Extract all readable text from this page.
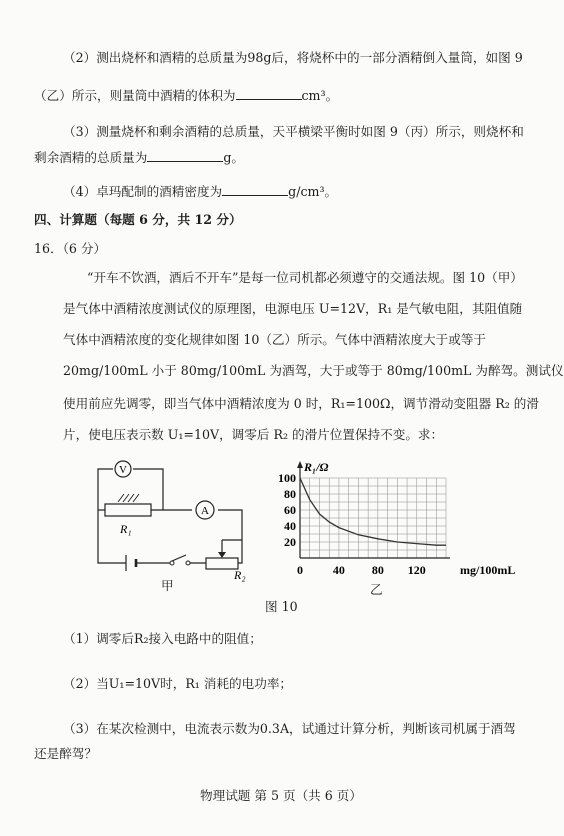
（2）测出烧杯和酒精的总质量为98g后，将烧杯中的一部分酒精倒入量筒，如图 9
（乙）所示，则量筒中酒精的体积为	cm³。
（3）测量烧杯和剩余酒精的总质量，天平横梁平衡时如图 9（丙）所示，则烧杯和
剩余酒精的总质量为	g。
（4）卓玛配制的酒精密度为	g/cm³。
四、计算题（每题 6 分，共 12 分）
16．（6 分）
“开车不饮酒，酒后不开车”是每一位司机都必须遵守的交通法规。图 10（甲）
是气体中酒精浓度测试仪的原理图，电源电压 U=12V，R₁ 是气敏电阻，其阻值随
气体中酒精浓度的变化规律如图 10（乙）所示。气体中酒精浓度大于或等于
20mg/100mL 小于 80mg/100mL 为酒驾，大于或等于 80mg/100mL 为醉驾。测试仪
使用前应先调零，即当气体中酒精浓度为 0 时，R₁=100Ω，调节滑动变阻器 R₂ 的滑
片，使电压表示数 U₁=10V，调零后 R₂ 的滑片位置保持不变。求：
V
R₁
A
R₂
甲
0 40 80 120
20
40
60
80
100
R₁/Ω
mg/100mL
乙
图 10
（1）调零后R₂接入电路中的阻值；
（2）当U₁=10V时，R₁ 消耗的电功率；
（3）在某次检测中，电流表示数为0.3A，试通过计算分析，判断该司机属于酒驾
还是醉驾？
物理试题 第 5 页（共 6 页）
